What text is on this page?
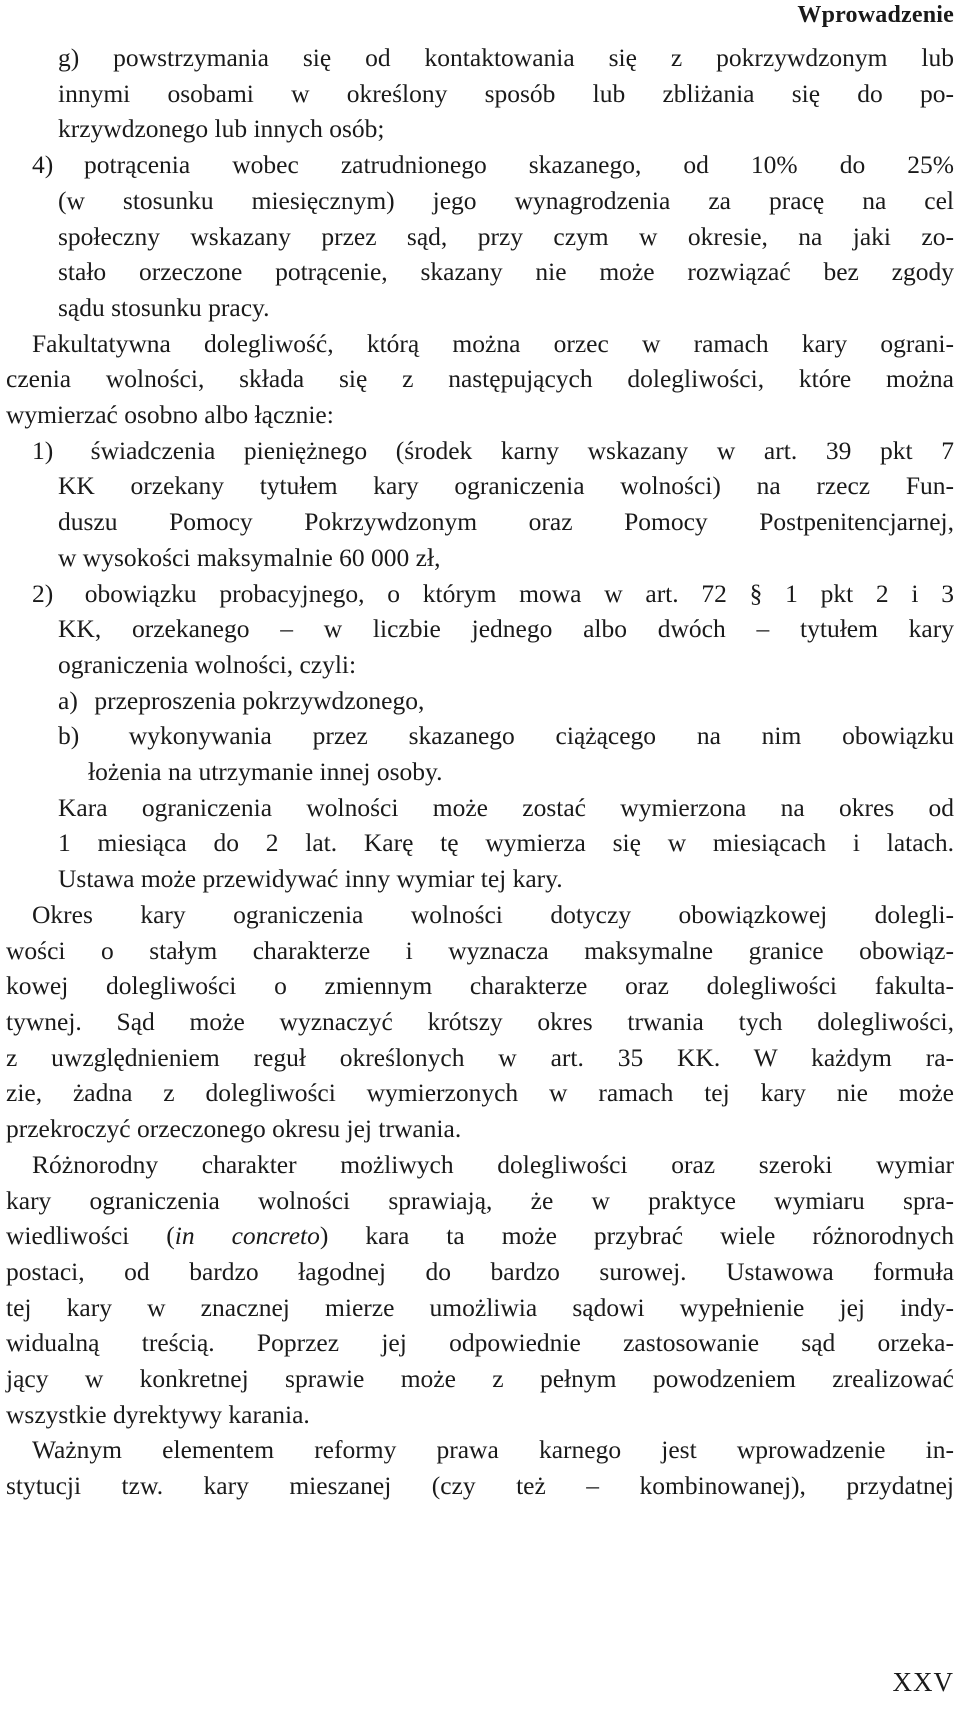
Wprowadzenie
g) powstrzymania się od kontaktowania się z pokrzywdzonym lub
innymi osobami w określony sposób lub zbliżania się do po-
krzywdzonego lub innych osób;
4) potrącenia wobec zatrudnionego skazanego, od 10% do 25%
(w stosunku miesięcznym) jego wynagrodzenia za pracę na cel
społeczny wskazany przez sąd, przy czym w okresie, na jaki zo-
stało orzeczone potrącenie, skazany nie może rozwiązać bez zgody
sądu stosunku pracy.
Fakultatywna dolegliwość, którą można orzec w ramach kary ograni-
czenia wolności, składa się z następujących dolegliwości, które można
wymierzać osobno albo łącznie:
1) świadczenia pieniężnego (środek karny wskazany w art. 39 pkt 7
KK orzekany tytułem kary ograniczenia wolności) na rzecz Fun-
duszu Pomocy Pokrzywdzonym oraz Pomocy Postpenitencjarnej,
w wysokości maksymalnie 60 000 zł,
2) obowiązku probacyjnego, o którym mowa w art. 72 § 1 pkt 2 i 3
KK, orzekanego – w liczbie jednego albo dwóch – tytułem kary
ograniczenia wolności, czyli:
a) przeproszenia pokrzywdzonego,
b) wykonywania przez skazanego ciążącego na nim obowiązku
łożenia na utrzymanie innej osoby.
Kara ograniczenia wolności może zostać wymierzona na okres od
1 miesiąca do 2 lat. Karę tę wymierza się w miesiącach i latach.
Ustawa może przewidywać inny wymiar tej kary.
Okres kary ograniczenia wolności dotyczy obowiązkowej dolegli-
wości o stałym charakterze i wyznacza maksymalne granice obowiąz-
kowej dolegliwości o zmiennym charakterze oraz dolegliwości fakulta-
tywnej. Sąd może wyznaczyć krótszy okres trwania tych dolegliwości,
z uwzględnieniem reguł określonych w art. 35 KK. W każdym ra-
zie, żadna z dolegliwości wymierzonych w ramach tej kary nie może
przekroczyć orzeczonego okresu jej trwania.
Różnorodny charakter możliwych dolegliwości oraz szeroki wymiar
kary ograniczenia wolności sprawiają, że w praktyce wymiaru spra-
wiedliwości (in concreto) kara ta może przybrać wiele różnorodnych
postaci, od bardzo łagodnej do bardzo surowej. Ustawowa formuła
tej kary w znacznej mierze umożliwia sądowi wypełnienie jej indy-
widualną treścią. Poprzez jej odpowiednie zastosowanie sąd orzeka-
jący w konkretnej sprawie może z pełnym powodzeniem zrealizować
wszystkie dyrektywy karania.
Ważnym elementem reformy prawa karnego jest wprowadzenie in-
stytucji tzw. kary mieszanej (czy też – kombinowanej), przydatnej
XXV
